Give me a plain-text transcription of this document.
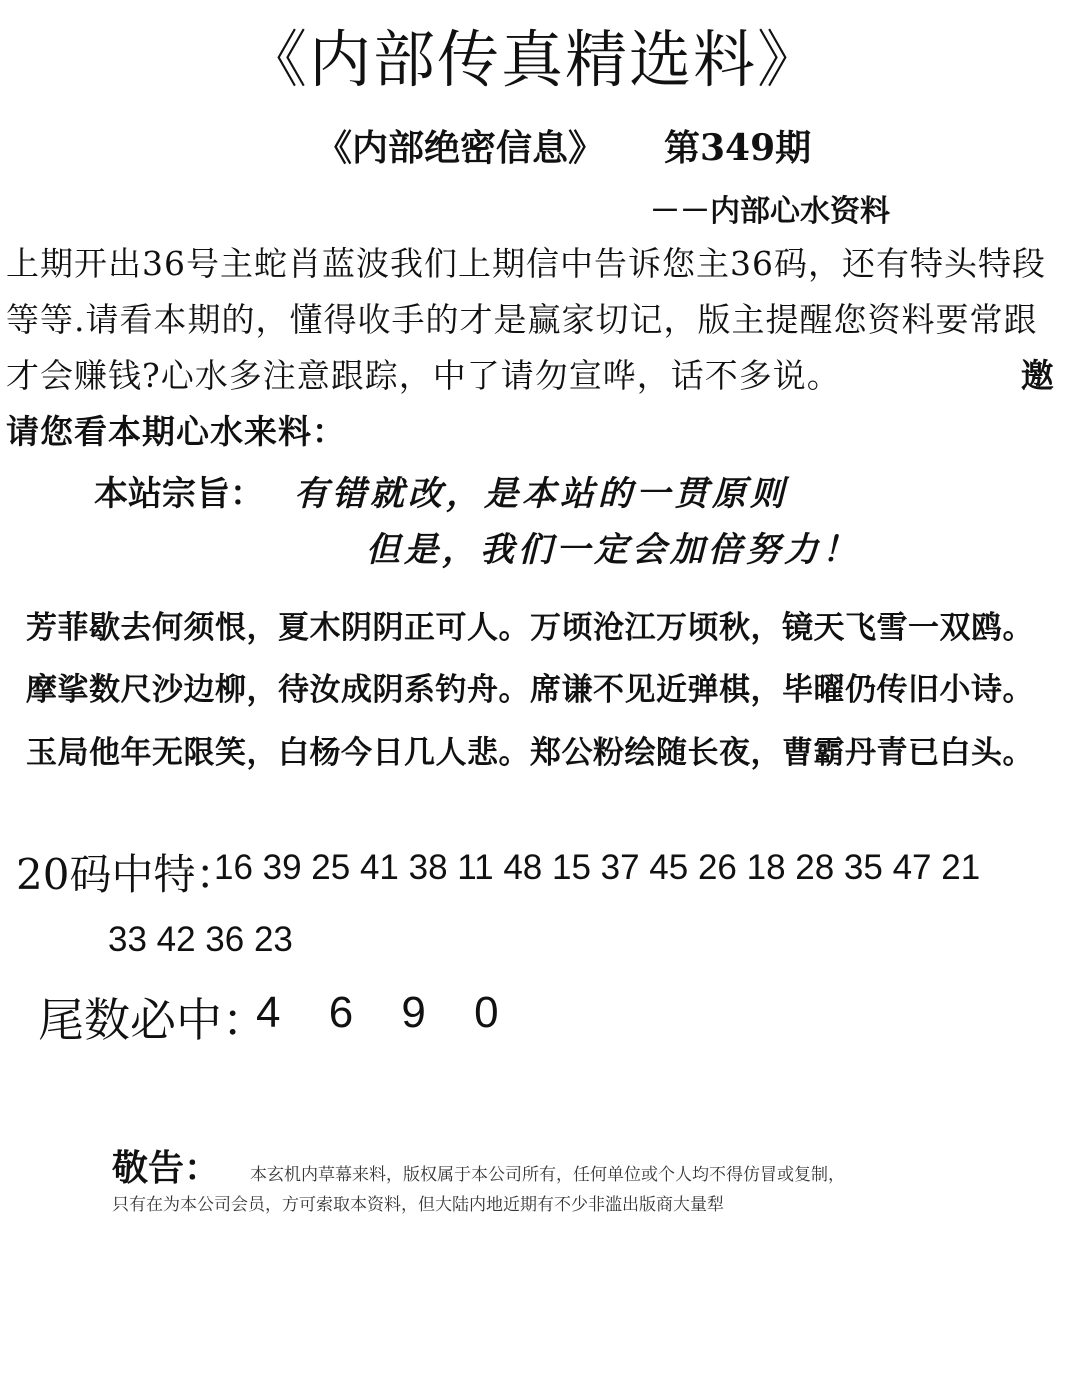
《内部传真精选料》
《内部绝密信息》 第349期
－－内部心水资料
上期开出36号主蛇肖蓝波我们上期信中告诉您主36码，还有特头特段等等.请看本期的，懂得收手的才是赢家切记，版主提醒您资料要常跟才会赚钱?心水多注意跟踪，中了请勿宣哗，话不多说。	邀请您看本期心水来料：
本站宗旨： 有错就改，是本站的一贯原则
但是，我们一定会加倍努力！
芳菲歇去何须恨，夏木阴阴正可人。万顷沧江万顷秋，镜天飞雪一双鸥。
摩挲数尺沙边柳，待汝成阴系钓舟。席谦不见近弹棋，毕曜仍传旧小诗。
玉局他年无限笑，白杨今日几人悲。郑公粉绘随长夜，曹霸丹青已白头。
20码中特：
16 39 25 41 38 11 48 15 37 45 26 18 28 35 47 21
33 42 36 23
尾数必中：
4 6 9 0
敬告： 本玄机内草幕来料，版权属于本公司所有，任何单位或个人均不得仿冒或复制，
只有在为本公司会员，方可索取本资料，但大陆内地近期有不少非滥出版商大量犁
